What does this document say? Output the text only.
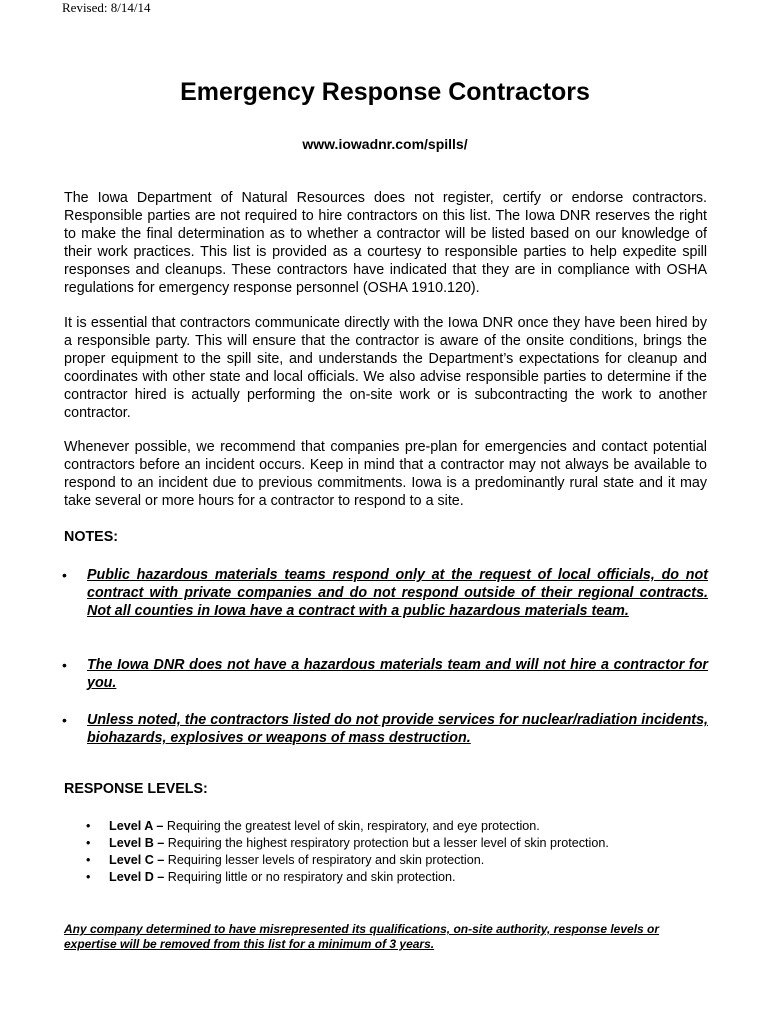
Revised: 8/14/14
Emergency Response Contractors
www.iowadnr.com/spills/

The Iowa Department of Natural Resources does not register, certify or endorse contractors. Responsible parties are not required to hire contractors on this list. The Iowa DNR reserves the right to make the final determination as to whether a contractor will be listed based on our knowledge of their work practices. This list is provided as a courtesy to responsible parties to help expedite spill responses and cleanups. These contractors have indicated that they are in compliance with OSHA regulations for emergency response personnel (OSHA 1910.120).

It is essential that contractors communicate directly with the Iowa DNR once they have been hired by a responsible party. This will ensure that the contractor is aware of the onsite conditions, brings the proper equipment to the spill site, and understands the Department’s expectations for cleanup and coordinates with other state and local officials. We also advise responsible parties to determine if the contractor hired is actually performing the on-site work or is subcontracting the work to another contractor.

Whenever possible, we recommend that companies pre-plan for emergencies and contact potential contractors before an incident occurs. Keep in mind that a contractor may not always be available to respond to an incident due to previous commitments. Iowa is a predominantly rural state and it may take several or more hours for a contractor to respond to a site.

NOTES:
• Public hazardous materials teams respond only at the request of local officials, do not contract with private companies and do not respond outside of their regional contracts. Not all counties in Iowa have a contract with a public hazardous materials team.

• The Iowa DNR does not have a hazardous materials team and will not hire a contractor for you.

• Unless noted, the contractors listed do not provide services for nuclear/radiation incidents, biohazards, explosives or weapons of mass destruction.

RESPONSE LEVELS:
• Level A – Requiring the greatest level of skin, respiratory, and eye protection.
• Level B – Requiring the highest respiratory protection but a lesser level of skin protection.
• Level C – Requiring lesser levels of respiratory and skin protection.
• Level D – Requiring little or no respiratory and skin protection.

Any company determined to have misrepresented its qualifications, on-site authority, response levels or expertise will be removed from this list for a minimum of 3 years.
